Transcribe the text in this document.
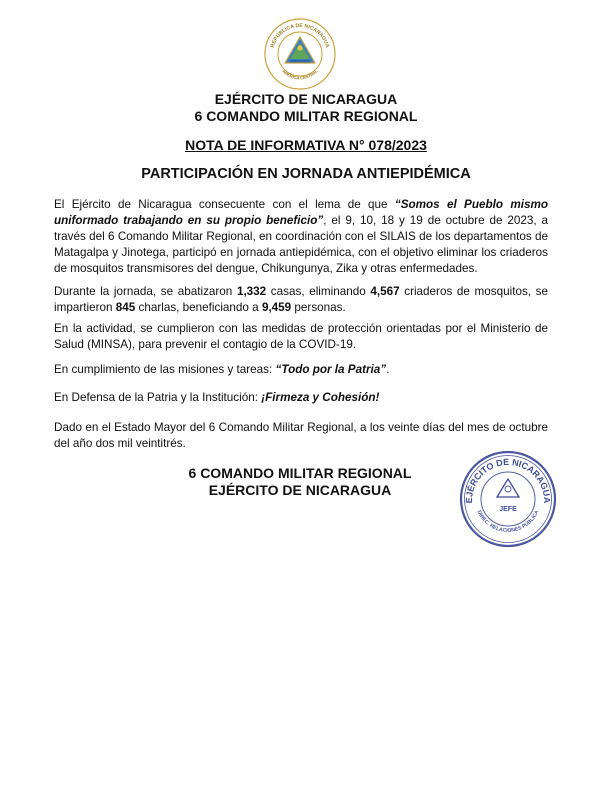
REPÚBLICA DE NICARAGUA
AMÉRICA CENTRAL
EJÉRCITO DE NICARAGUA
6 COMANDO MILITAR REGIONAL
NOTA DE INFORMATIVA N° 078/2023
PARTICIPACIÓN EN JORNADA ANTIEPIDÉMICA

El Ejército de Nicaragua consecuente con el lema de que “Somos el Pueblo mismo uniformado trabajando en su propio beneficio”, el 9, 10, 18 y 19 de octubre de 2023, a través del 6 Comando Militar Regional, en coordinación con el SILAIS de los departamentos de Matagalpa y Jinotega, participó en jornada antiepidémica, con el objetivo eliminar los criaderos de mosquitos transmisores del dengue, Chikungunya, Zika y otras enfermedades.

Durante la jornada, se abatizaron 1,332 casas, eliminando 4,567 criaderos de mosquitos, se impartieron 845 charlas, beneficiando a 9,459 personas.

En la actividad, se cumplieron con las medidas de protección orientadas por el Ministerio de Salud (MINSA), para prevenir el contagio de la COVID-19.

En cumplimiento de las misiones y tareas: “Todo por la Patria”.

En Defensa de la Patria y la Institución: ¡Firmeza y Cohesión!

Dado en el Estado Mayor del 6 Comando Militar Regional, a los veinte días del mes de octubre del año dos mil veintitrés.

6 COMANDO MILITAR REGIONAL
EJÉRCITO DE NICARAGUA
EJÉRCITO DE NICARAGUA
DIREC. RELACIONES PÚBLICA
JEFE
